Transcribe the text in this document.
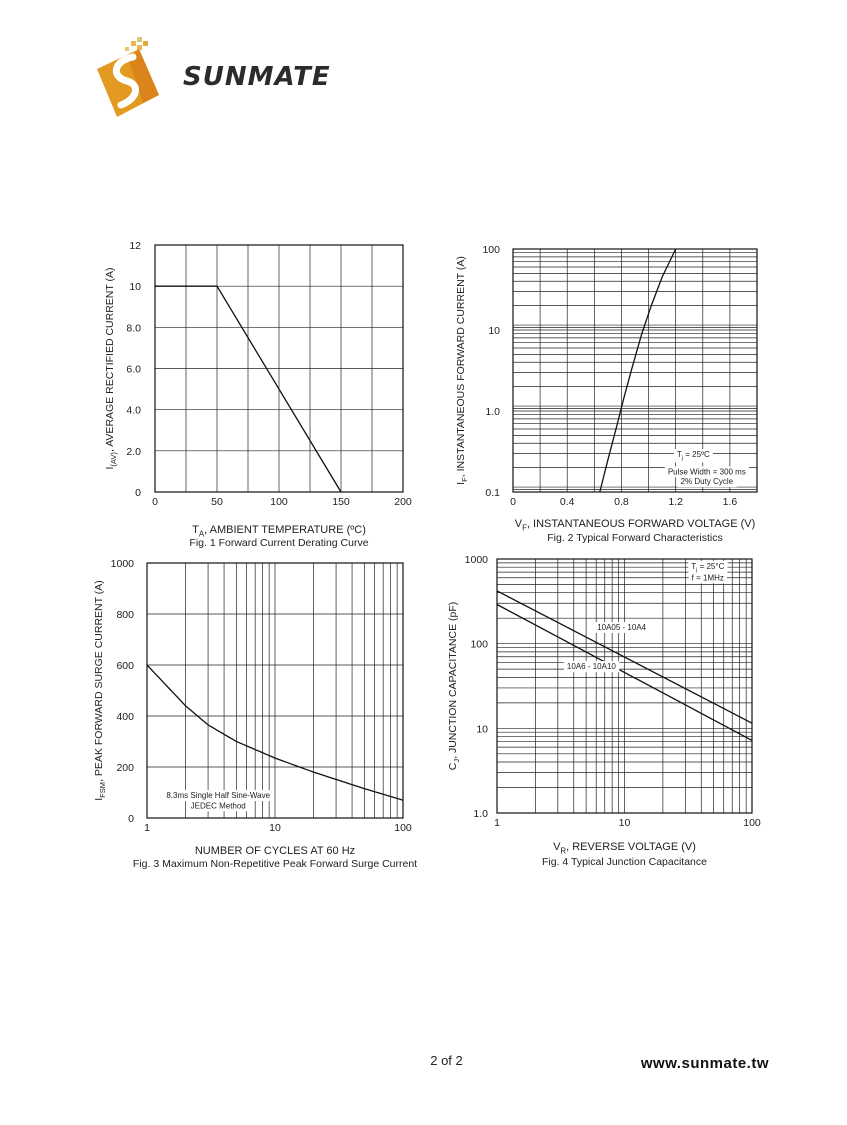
SUNMATE
0	50	100	150	200
0
2.0
4.0
6.0
8.0
10
12
$T_A$, AMBIENT TEMPERATURE (ºC)
$I_{(AV)}$, AVERAGE RECTIFIED CURRENT (A)
Fig. 1 Forward Current Derating Curve
0	0.4	0.8	1.2	1.6
0.1
1.0
10
100
$V_F$, INSTANTANEOUS FORWARD VOLTAGE (V)
$I_F$, INSTANTANEOUS FORWARD CURRENT (A)
Fig. 2 Typical Forward Characteristics
$T_j$ = 25ºC
Pulse Width = 300 ms
2% Duty Cycle
1	10	100
0
200
400
600
800
1000
NUMBER OF CYCLES AT 60 Hz
$I_{FSM}$, PEAK FORWARD SURGE CURRENT (A)
Fig. 3 Maximum Non-Repetitive Peak Forward Surge Current
8.3ms Single Half Sine-Wave
JEDEC Method
1	10	100
1.0
10
100
1000
$V_R$, REVERSE VOLTAGE (V)
$C_J$, JUNCTION CAPACITANCE (pF)
Fig. 4 Typical Junction Capacitance
$T_j = 25^\circ C$
f = 1MHz
10A05 - 10A4
10A6 - 10A10
2 of 2	www.sunmate.tw
